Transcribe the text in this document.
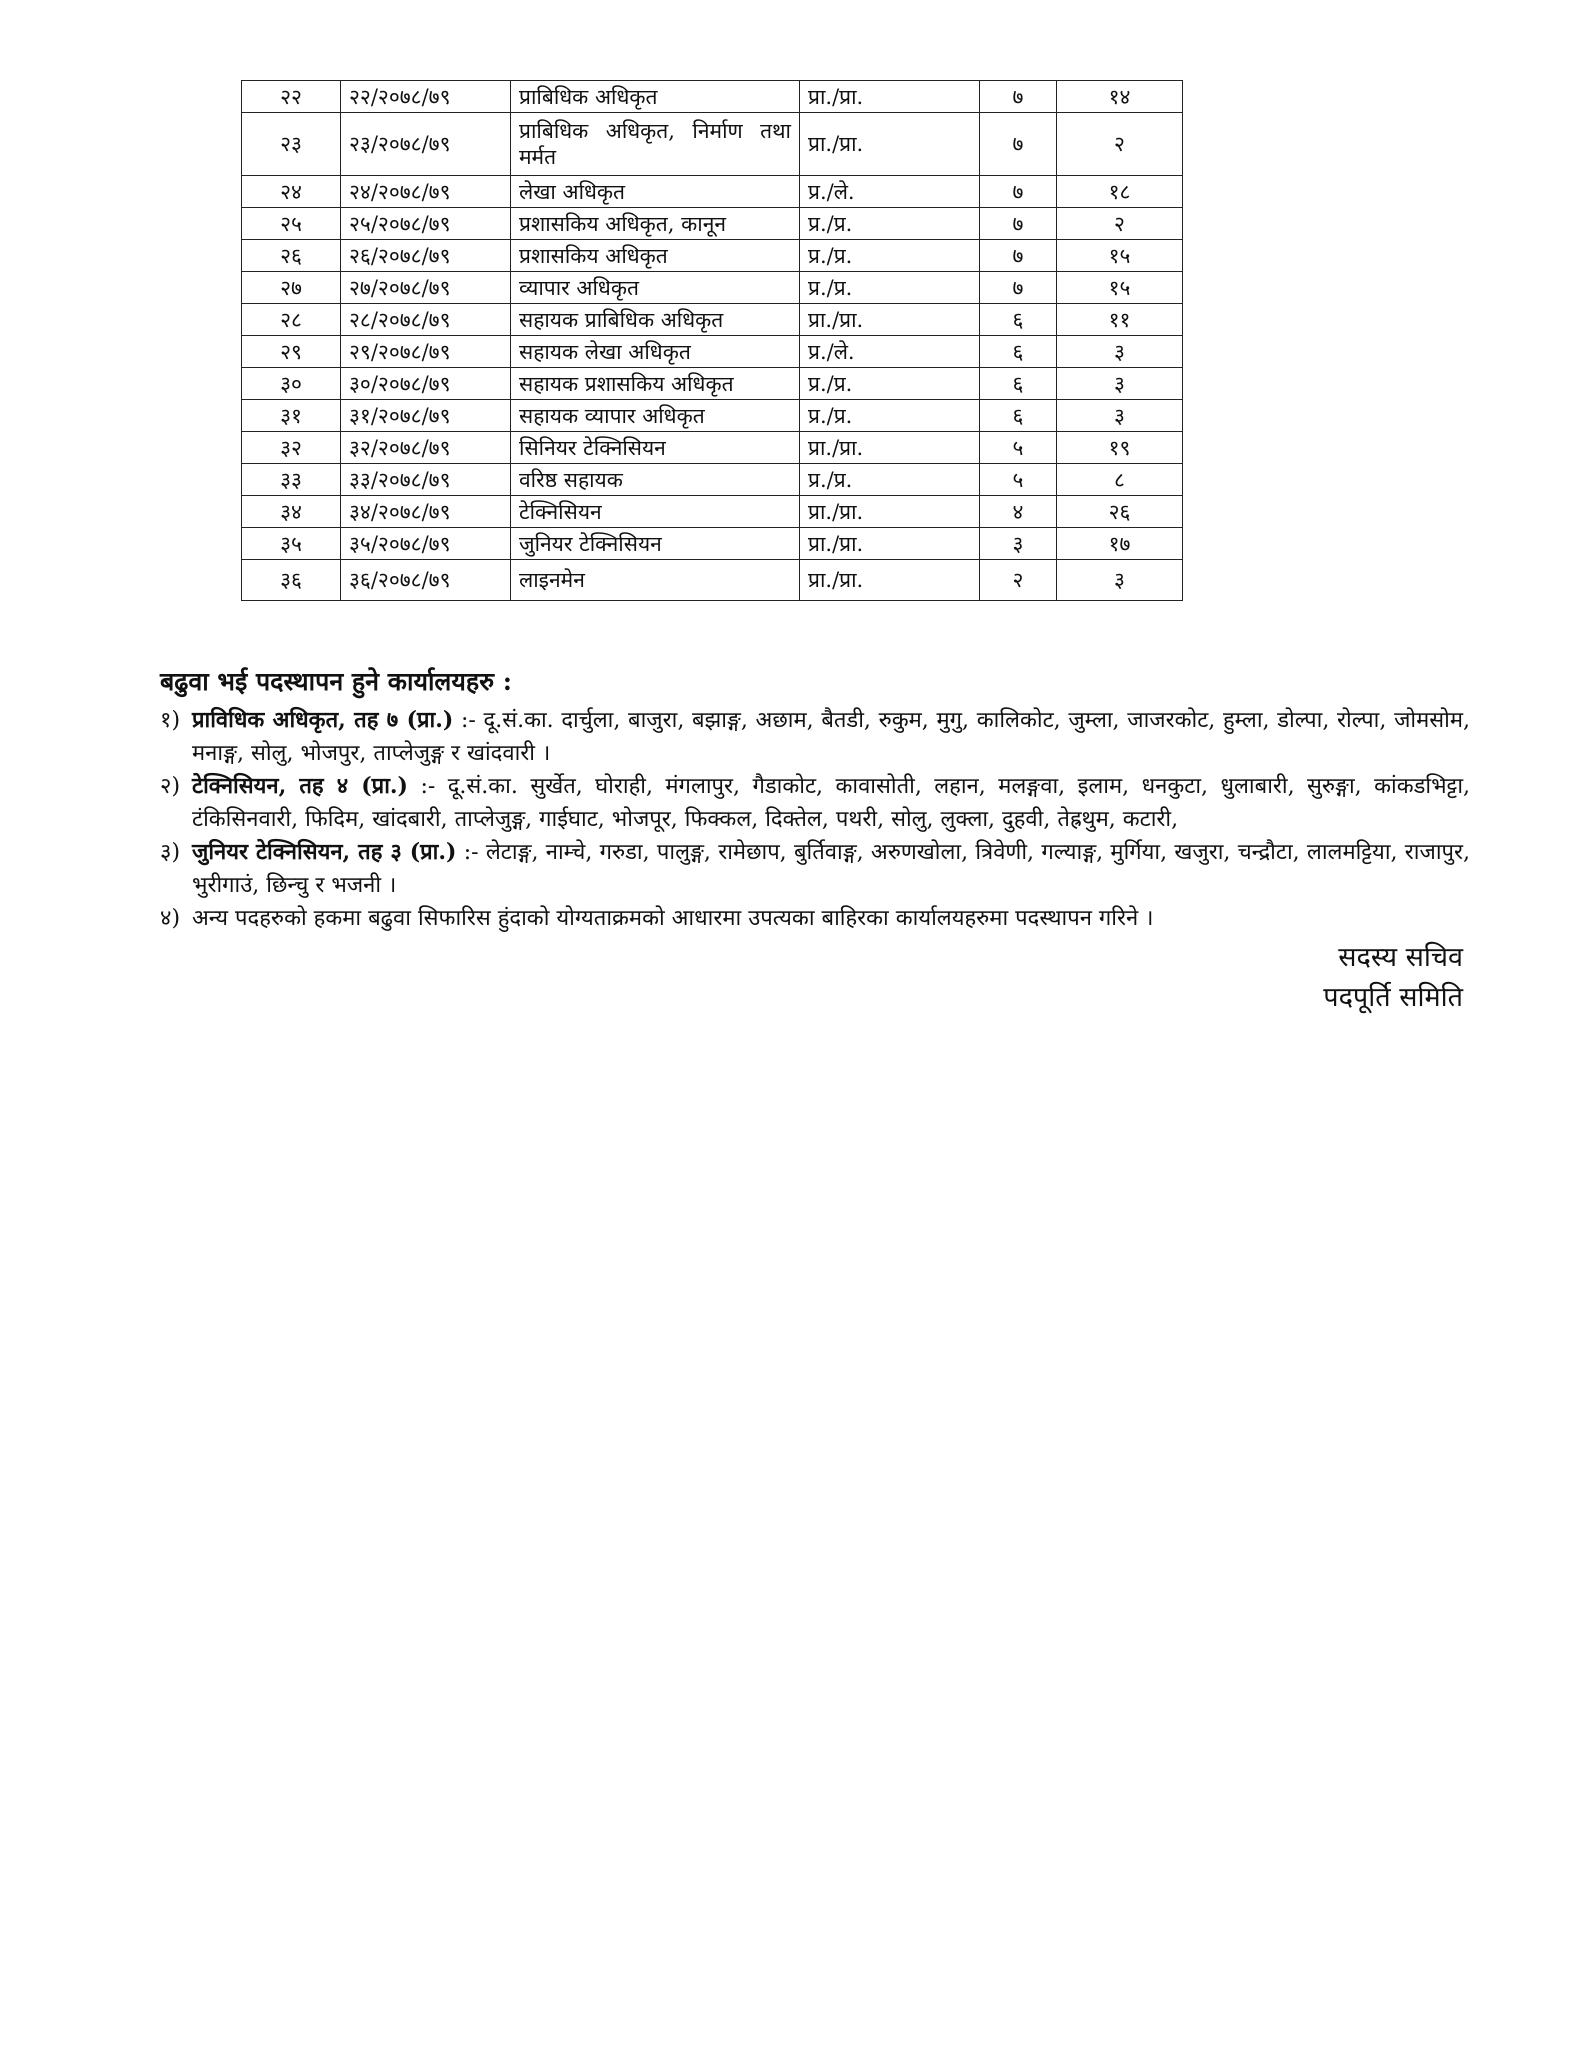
२२	२२/२०७८/७९	प्राबिधिक अधिकृत	प्रा./प्रा.	७	१४
२३	२३/२०७८/७९	प्राबिधिक अधिकृत, निर्माण तथा मर्मत	प्रा./प्रा.	७	२
२४	२४/२०७८/७९	लेखा अधिकृत	प्र./ले.	७	१८
२५	२५/२०७८/७९	प्रशासकिय अधिकृत, कानून	प्र./प्र.	७	२
२६	२६/२०७८/७९	प्रशासकिय अधिकृत	प्र./प्र.	७	१५
२७	२७/२०७८/७९	व्यापार अधिकृत	प्र./प्र.	७	१५
२८	२८/२०७८/७९	सहायक प्राबिधिक अधिकृत	प्रा./प्रा.	६	११
२९	२९/२०७८/७९	सहायक लेखा अधिकृत	प्र./ले.	६	३
३०	३०/२०७८/७९	सहायक प्रशासकिय अधिकृत	प्र./प्र.	६	३
३१	३१/२०७८/७९	सहायक व्यापार अधिकृत	प्र./प्र.	६	३
३२	३२/२०७८/७९	सिनियर टेक्निसियन	प्रा./प्रा.	५	१९
३३	३३/२०७८/७९	वरिष्ठ सहायक	प्र./प्र.	५	८
३४	३४/२०७८/७९	टेक्निसियन	प्रा./प्रा.	४	२६
३५	३५/२०७८/७९	जुनियर टेक्निसियन	प्रा./प्रा.	३	१७
३६	३६/२०७८/७९	लाइनमेन	प्रा./प्रा.	२	३
बढुवा भई पदस्थापन हुने कार्यालयहरु :
१) प्राविधिक अधिकृत, तह ७ (प्रा.) :- दू.सं.का. दार्चुला, बाजुरा, बझाङ्ग, अछाम, बैतडी, रुकुम, मुगु, कालिकोट, जुम्ला, जाजरकोट, हुम्ला, डोल्पा, रोल्पा, जोमसोम, मनाङ्ग, सोलु, भोजपुर, ताप्लेजुङ्ग र खांदवारी ।
२) टेक्निसियन, तह ४ (प्रा.) :- दू.सं.का. सुर्खेत, घोराही, मंगलापुर, गैडाकोट, कावासोती, लहान, मलङ्गवा, इलाम, धनकुटा, धुलाबारी, सुरुङ्गा, कांकडभिट्टा, टंकिसिनवारी, फिदिम, खांदबारी, ताप्लेजुङ्ग, गाईघाट, भोजपूर, फिक्कल, दिक्तेल, पथरी, सोलु, लुक्ला, दुहवी, तेह्रथुम, कटारी,
३) जुनियर टेक्निसियन, तह ३ (प्रा.) :- लेटाङ्ग, नाम्चे, गरुडा, पालुङ्ग, रामेछाप, बुर्तिवाङ्ग, अरुणखोला, त्रिवेणी, गल्याङ्ग, मुर्गिया, खजुरा, चन्द्रौटा, लालमट्टिया, राजापुर, भुरीगाउं, छिन्चु र भजनी ।
४) अन्य पदहरुको हकमा बढुवा सिफारिस हुंदाको योग्यताक्रमको आधारमा उपत्यका बाहिरका कार्यालयहरुमा पदस्थापन गरिने ।
सदस्य सचिव
पदपूर्ति समिति
